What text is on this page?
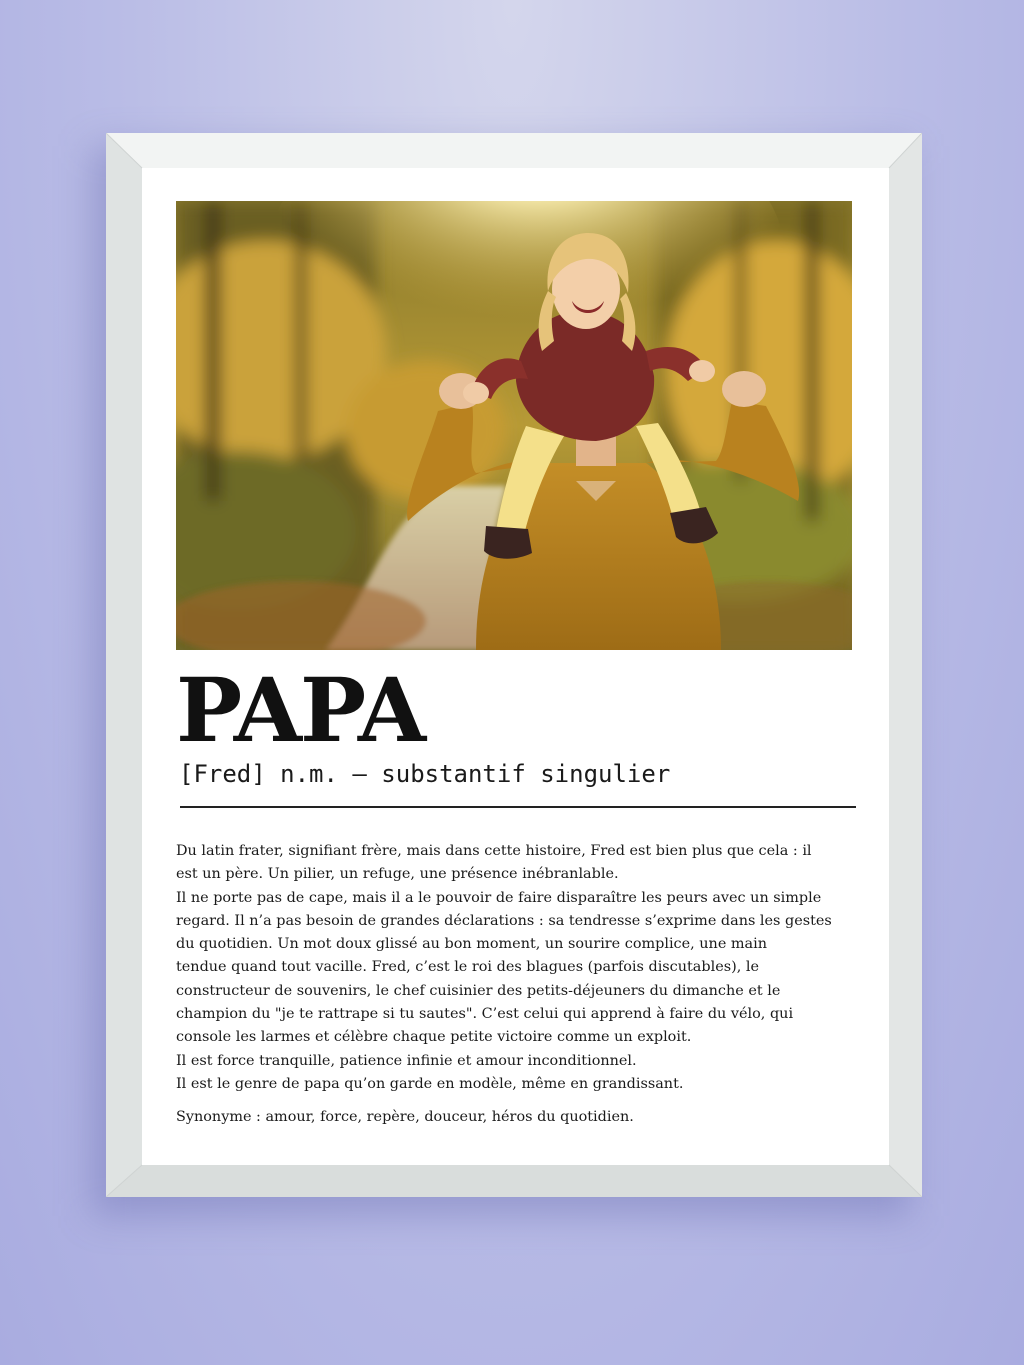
PAPA
[Fred] n.m. — substantif singulier
Du latin frater, signifiant frère, mais dans cette histoire, Fred est bien plus que cela : il
est un père. Un pilier, un refuge, une présence inébranlable.
Il ne porte pas de cape, mais il a le pouvoir de faire disparaître les peurs avec un simple
regard. Il n’a pas besoin de grandes déclarations : sa tendresse s’exprime dans les gestes
du quotidien. Un mot doux glissé au bon moment, un sourire complice, une main
tendue quand tout vacille. Fred, c’est le roi des blagues (parfois discutables), le
constructeur de souvenirs, le chef cuisinier des petits-déjeuners du dimanche et le
champion du "je te rattrape si tu sautes". C’est celui qui apprend à faire du vélo, qui
console les larmes et célèbre chaque petite victoire comme un exploit.
Il est force tranquille, patience infinie et amour inconditionnel.
Il est le genre de papa qu’on garde en modèle, même en grandissant.
Synonyme : amour, force, repère, douceur, héros du quotidien.
